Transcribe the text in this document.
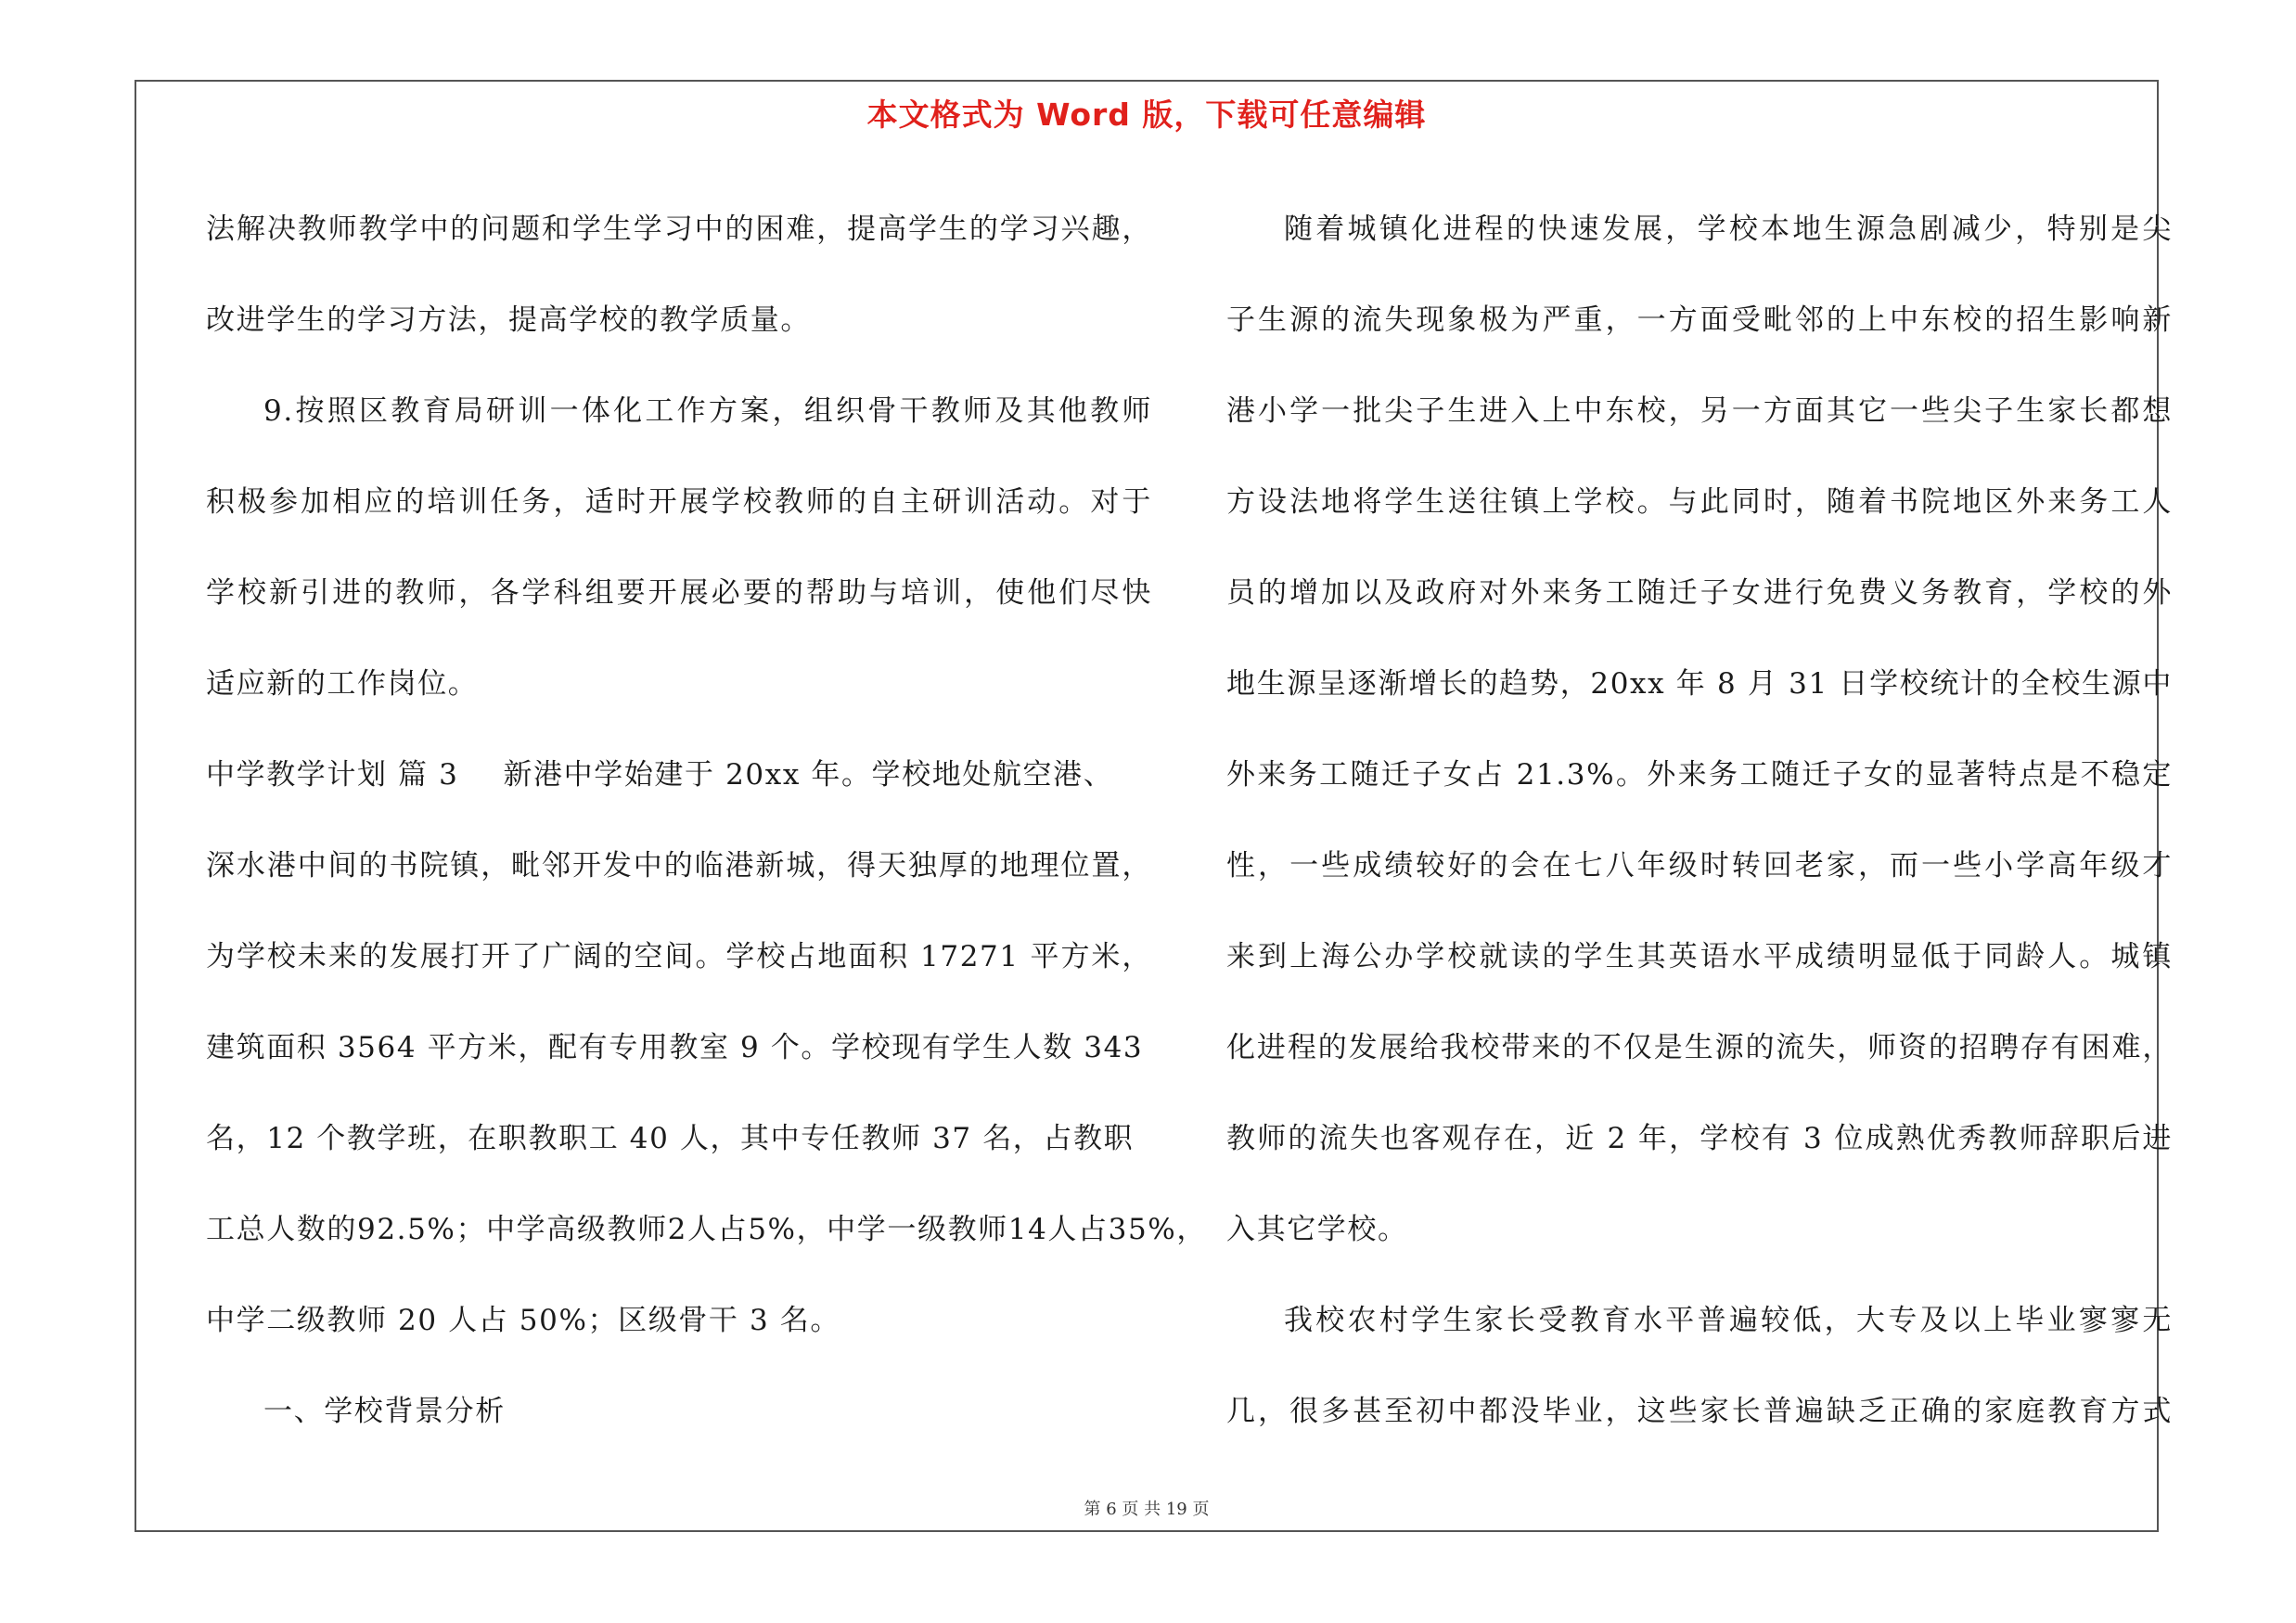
本文格式为 Word 版，下载可任意编辑
法解决教师教学中的问题和学生学习中的困难，提高学生的学习兴趣，
改进学生的学习方法，提高学校的教学质量。
9.按照区教育局研训一体化工作方案，组织骨干教师及其他教师
积极参加相应的培训任务，适时开展学校教师的自主研训活动。对于
学校新引进的教师，各学科组要开展必要的帮助与培训，使他们尽快
适应新的工作岗位。
中学教学计划 篇 3 新港中学始建于 20xx 年。学校地处航空港、
深水港中间的书院镇，毗邻开发中的临港新城，得天独厚的地理位置，
为学校未来的发展打开了广阔的空间。学校占地面积 17271 平方米，
建筑面积 3564 平方米，配有专用教室 9 个。学校现有学生人数 343
名，12 个教学班，在职教职工 40 人，其中专任教师 37 名，占教职
工总人数的92.5%；中学高级教师2人占5%，中学一级教师14人占35%，
中学二级教师 20 人占 50%；区级骨干 3 名。
一、学校背景分析
随着城镇化进程的快速发展，学校本地生源急剧减少，特别是尖
子生源的流失现象极为严重，一方面受毗邻的上中东校的招生影响新
港小学一批尖子生进入上中东校，另一方面其它一些尖子生家长都想
方设法地将学生送往镇上学校。与此同时，随着书院地区外来务工人
员的增加以及政府对外来务工随迁子女进行免费义务教育，学校的外
地生源呈逐渐增长的趋势，20xx 年 8 月 31 日学校统计的全校生源中
外来务工随迁子女占 21.3%。外来务工随迁子女的显著特点是不稳定
性，一些成绩较好的会在七八年级时转回老家，而一些小学高年级才
来到上海公办学校就读的学生其英语水平成绩明显低于同龄人。城镇
化进程的发展给我校带来的不仅是生源的流失，师资的招聘存有困难，
教师的流失也客观存在，近 2 年，学校有 3 位成熟优秀教师辞职后进
入其它学校。
我校农村学生家长受教育水平普遍较低，大专及以上毕业寥寥无
几，很多甚至初中都没毕业，这些家长普遍缺乏正确的家庭教育方式
第 6 页 共 19 页
